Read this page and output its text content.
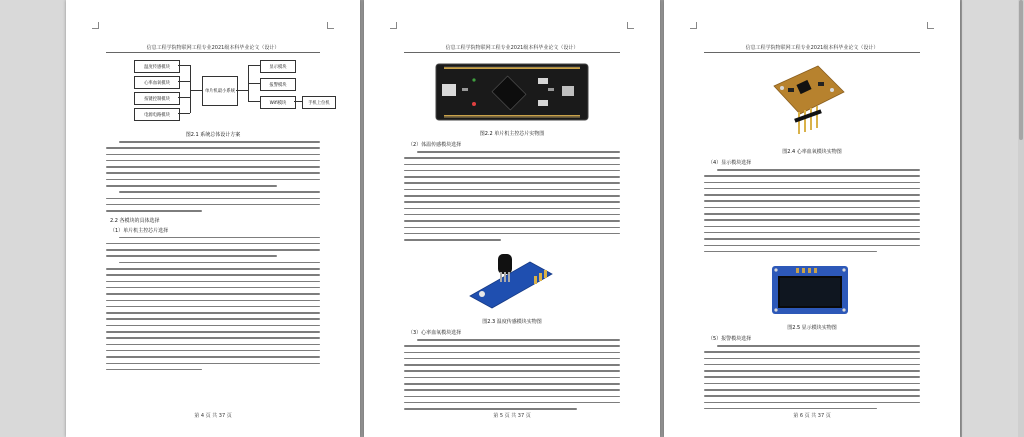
信息工程学院物联网工程专业2021级本科毕业论文（设计）
温度传感模块
心率血氧模块
按键控制模块
电源电路模块
单片机最小系统
显示模块
报警模块
Wifi模块	手机上位机
图2.1 系统总体设计方案
2.2 各模块的具体选择
（1）单片机主控芯片选择
第 4 页 共 37 页
信息工程学院物联网工程专业2021级本科毕业论文（设计）
图2.2 单片机主控芯片实物图
（2）体温传感模块选择
图2.3 温度传感模块实物图
（3）心率血氧模块选择
第 5 页 共 37 页
信息工程学院物联网工程专业2021级本科毕业论文（设计）
图2.4 心率血氧模块实物图
（4）显示模块选择
图2.5 显示模块实物图
（5）报警模块选择
第 6 页 共 37 页
